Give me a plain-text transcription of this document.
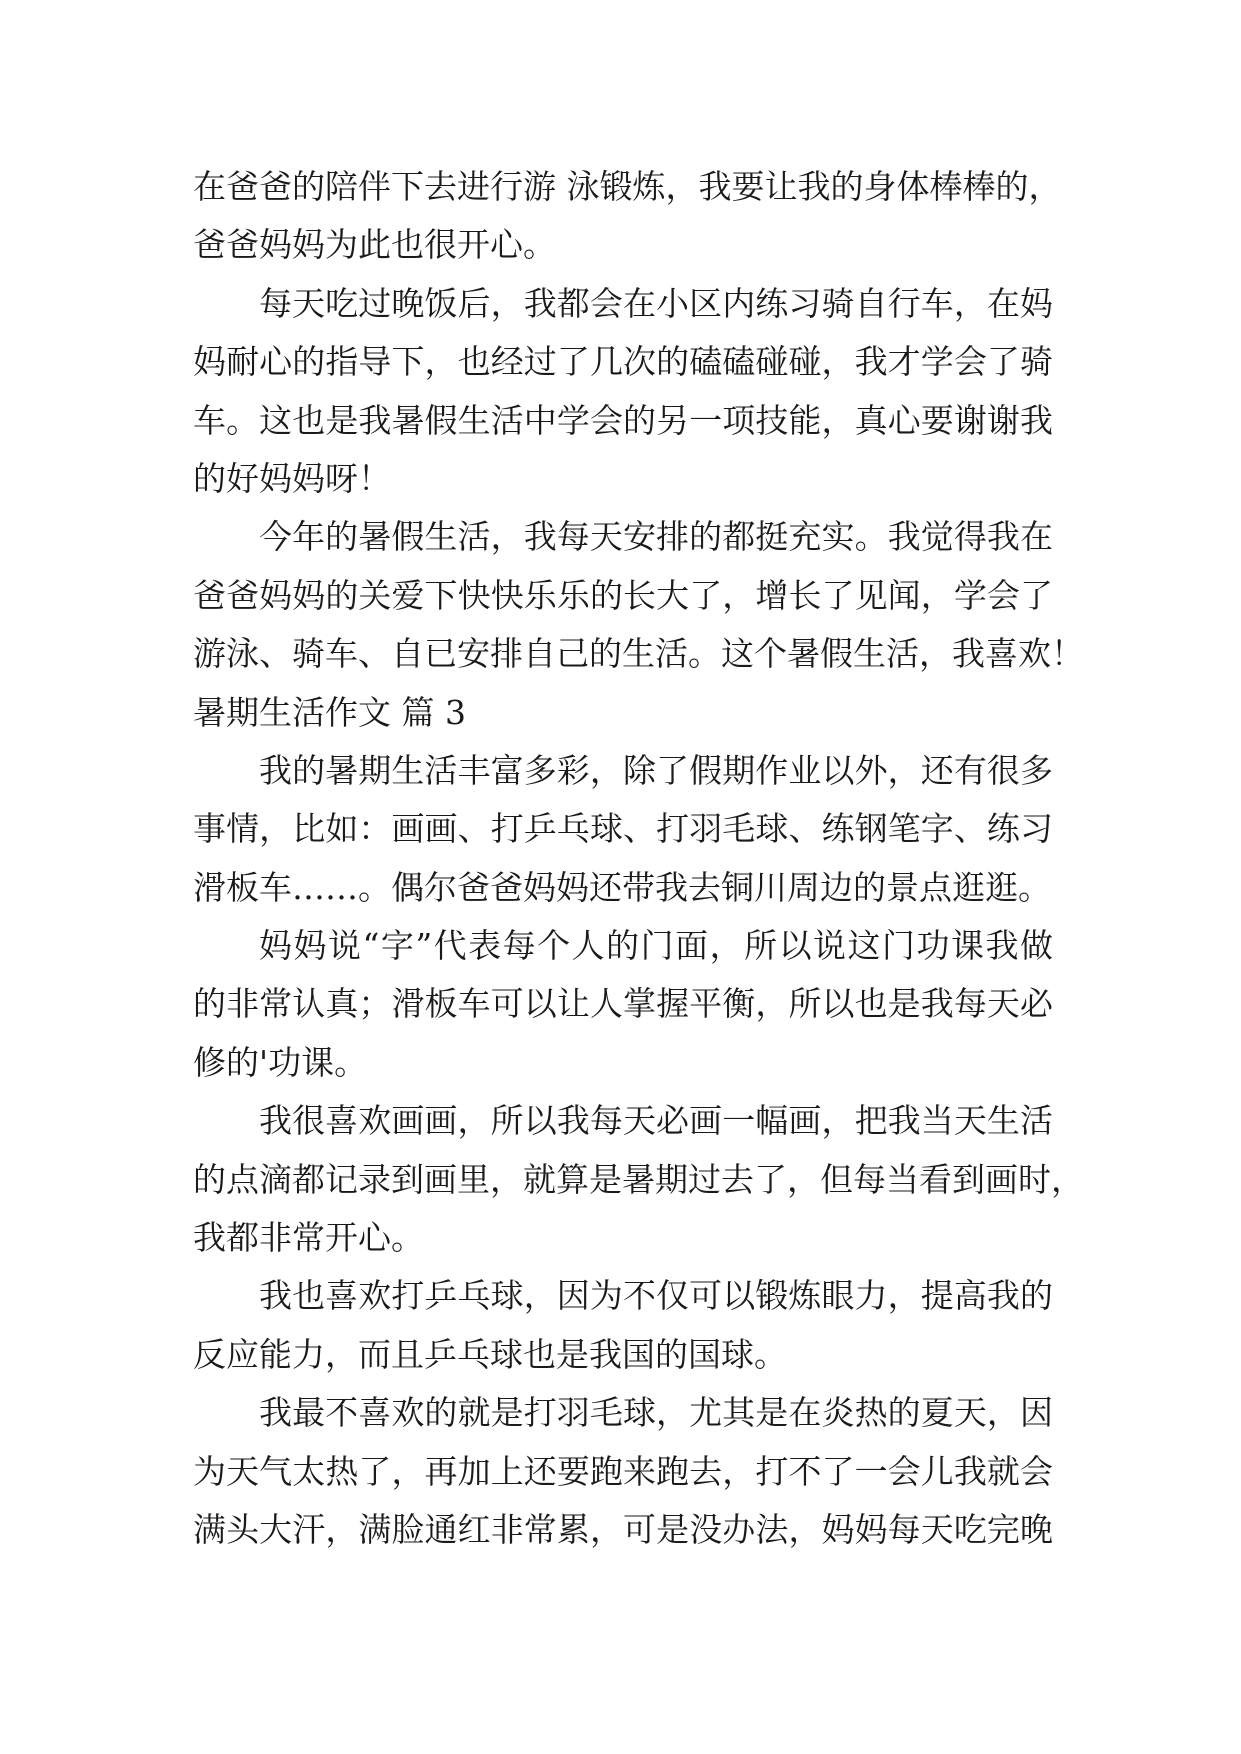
在爸爸的陪伴下去进行游 泳锻炼，我要让我的身体棒棒的，
爸爸妈妈为此也很开心。
每天吃过晚饭后，我都会在小区内练习骑自行车，在妈
妈耐心的指导下，也经过了几次的磕磕碰碰，我才学会了骑
车。这也是我暑假生活中学会的另一项技能，真心要谢谢我
的好妈妈呀！
今年的暑假生活，我每天安排的都挺充实。我觉得我在
爸爸妈妈的关爱下快快乐乐的长大了，增长了见闻，学会了
游泳、骑车、自已安排自己的生活。这个暑假生活，我喜欢！
暑期生活作文 篇 3
我的暑期生活丰富多彩，除了假期作业以外，还有很多
事情，比如：画画、打乒乓球、打羽毛球、练钢笔字、练习
滑板车……。偶尔爸爸妈妈还带我去铜川周边的景点逛逛。
妈妈说“字”代表每个人的门面，所以说这门功课我做
的非常认真；滑板车可以让人掌握平衡，所以也是我每天必
修的'功课。
我很喜欢画画，所以我每天必画一幅画，把我当天生活
的点滴都记录到画里，就算是暑期过去了，但每当看到画时，
我都非常开心。
我也喜欢打乒乓球，因为不仅可以锻炼眼力，提高我的
反应能力，而且乒乓球也是我国的国球。
我最不喜欢的就是打羽毛球，尤其是在炎热的夏天，因
为天气太热了，再加上还要跑来跑去，打不了一会儿我就会
满头大汗，满脸通红非常累，可是没办法，妈妈每天吃完晚
